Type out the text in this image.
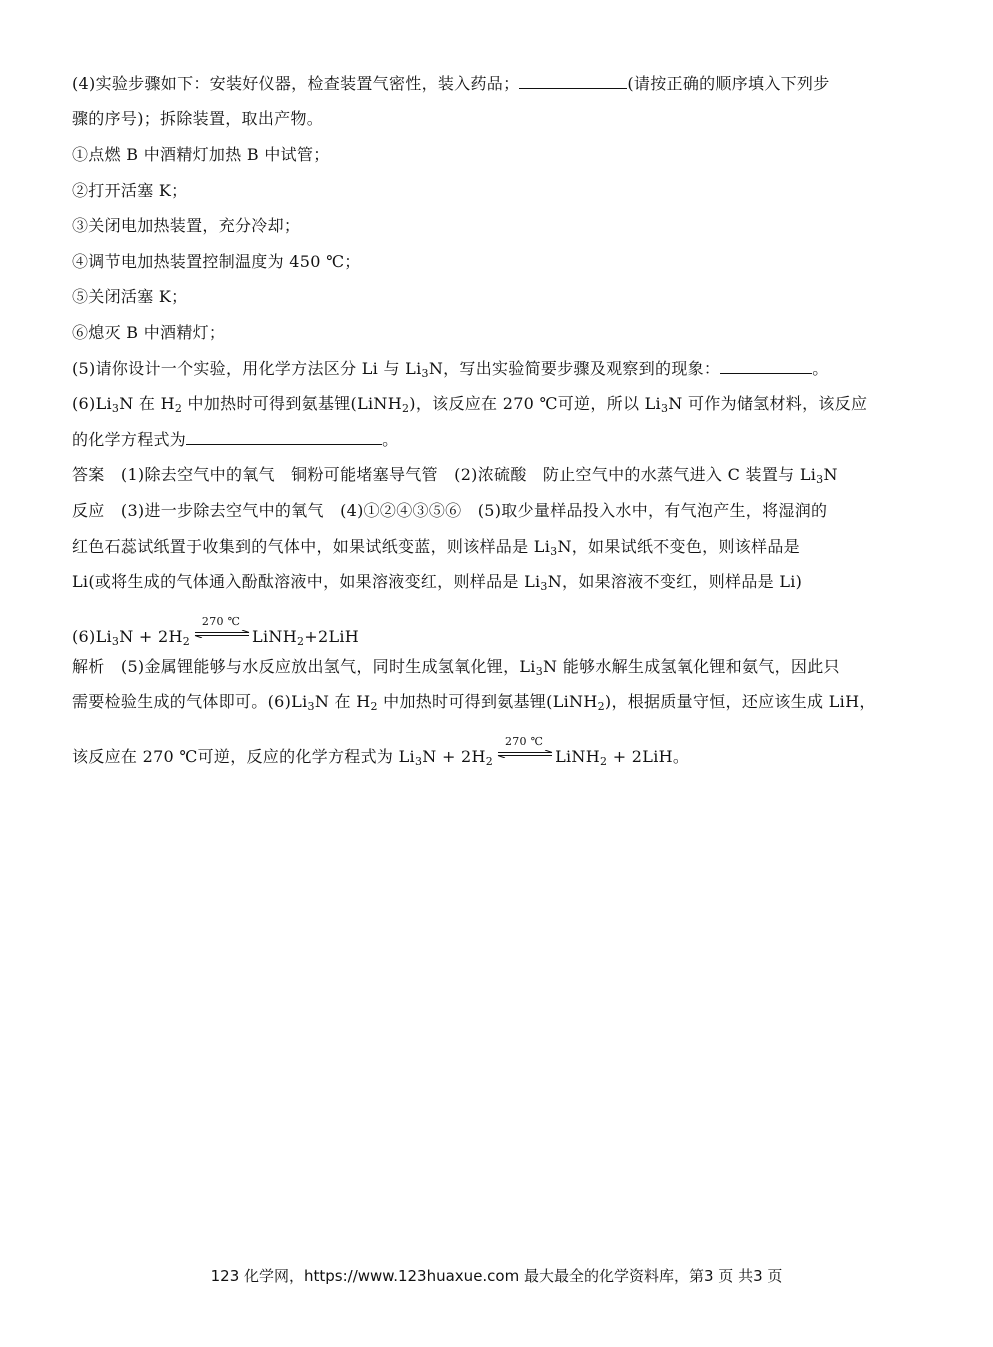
(4)实验步骤如下：安装好仪器，检查装置气密性，装入药品；	(请按正确的顺序填入下列步
骤的序号)；拆除装置，取出产物。
①点燃 B 中酒精灯加热 B 中试管；
②打开活塞 K；
③关闭电加热装置，充分冷却；
④调节电加热装置控制温度为 450 ℃；
⑤关闭活塞 K；
⑥熄灭 B 中酒精灯；
(5)请你设计一个实验，用化学方法区分 Li 与 $Li_3N$，写出实验简要步骤及观察到的现象：	。
$(6)Li_3N$ 在 $H_2$ 中加热时可得到氨基锂(LiNH$_2$)，该反应在 270 ℃可逆，所以 $Li_3N$ 可作为储氢材料，该反应
的化学方程式为	。
答案　(1)除去空气中的氧气　铜粉可能堵塞导气管　(2)浓硫酸　防止空气中的水蒸气进入 C 装置与 $Li_3N$
反应　(3)进一步除去空气中的氧气　(4)①②④③⑤⑥　(5)取少量样品投入水中，有气泡产生，将湿润的
红色石蕊试纸置于收集到的气体中，如果试纸变蓝，则该样品是 $Li_3N$，如果试纸不变色，则该样品是
Li(或将生成的气体通入酚酞溶液中，如果溶液变红，则样品是 $Li_3N$，如果溶液不变红，则样品是 Li)
$(6)Li_3N + 2H_2$
270 ℃
LiNH$_2$+2LiH
解析　(5)金属锂能够与水反应放出氢气，同时生成氢氧化锂，$Li_3N$ 能够水解生成氢氧化锂和氨气，因此只
需要检验生成的气体即可。$(6)Li_3N$ 在 $H_2$ 中加热时可得到氨基锂(LiNH$_2$)，根据质量守恒，还应该生成 LiH，
该反应在 270 ℃可逆，反应的化学方程式为 $Li_3N + 2H_2$
270 ℃
LiNH$_2$ + 2LiH。
123 化学网，https://www.123huaxue.com 最大最全的化学资料库，第3 页 共3 页
